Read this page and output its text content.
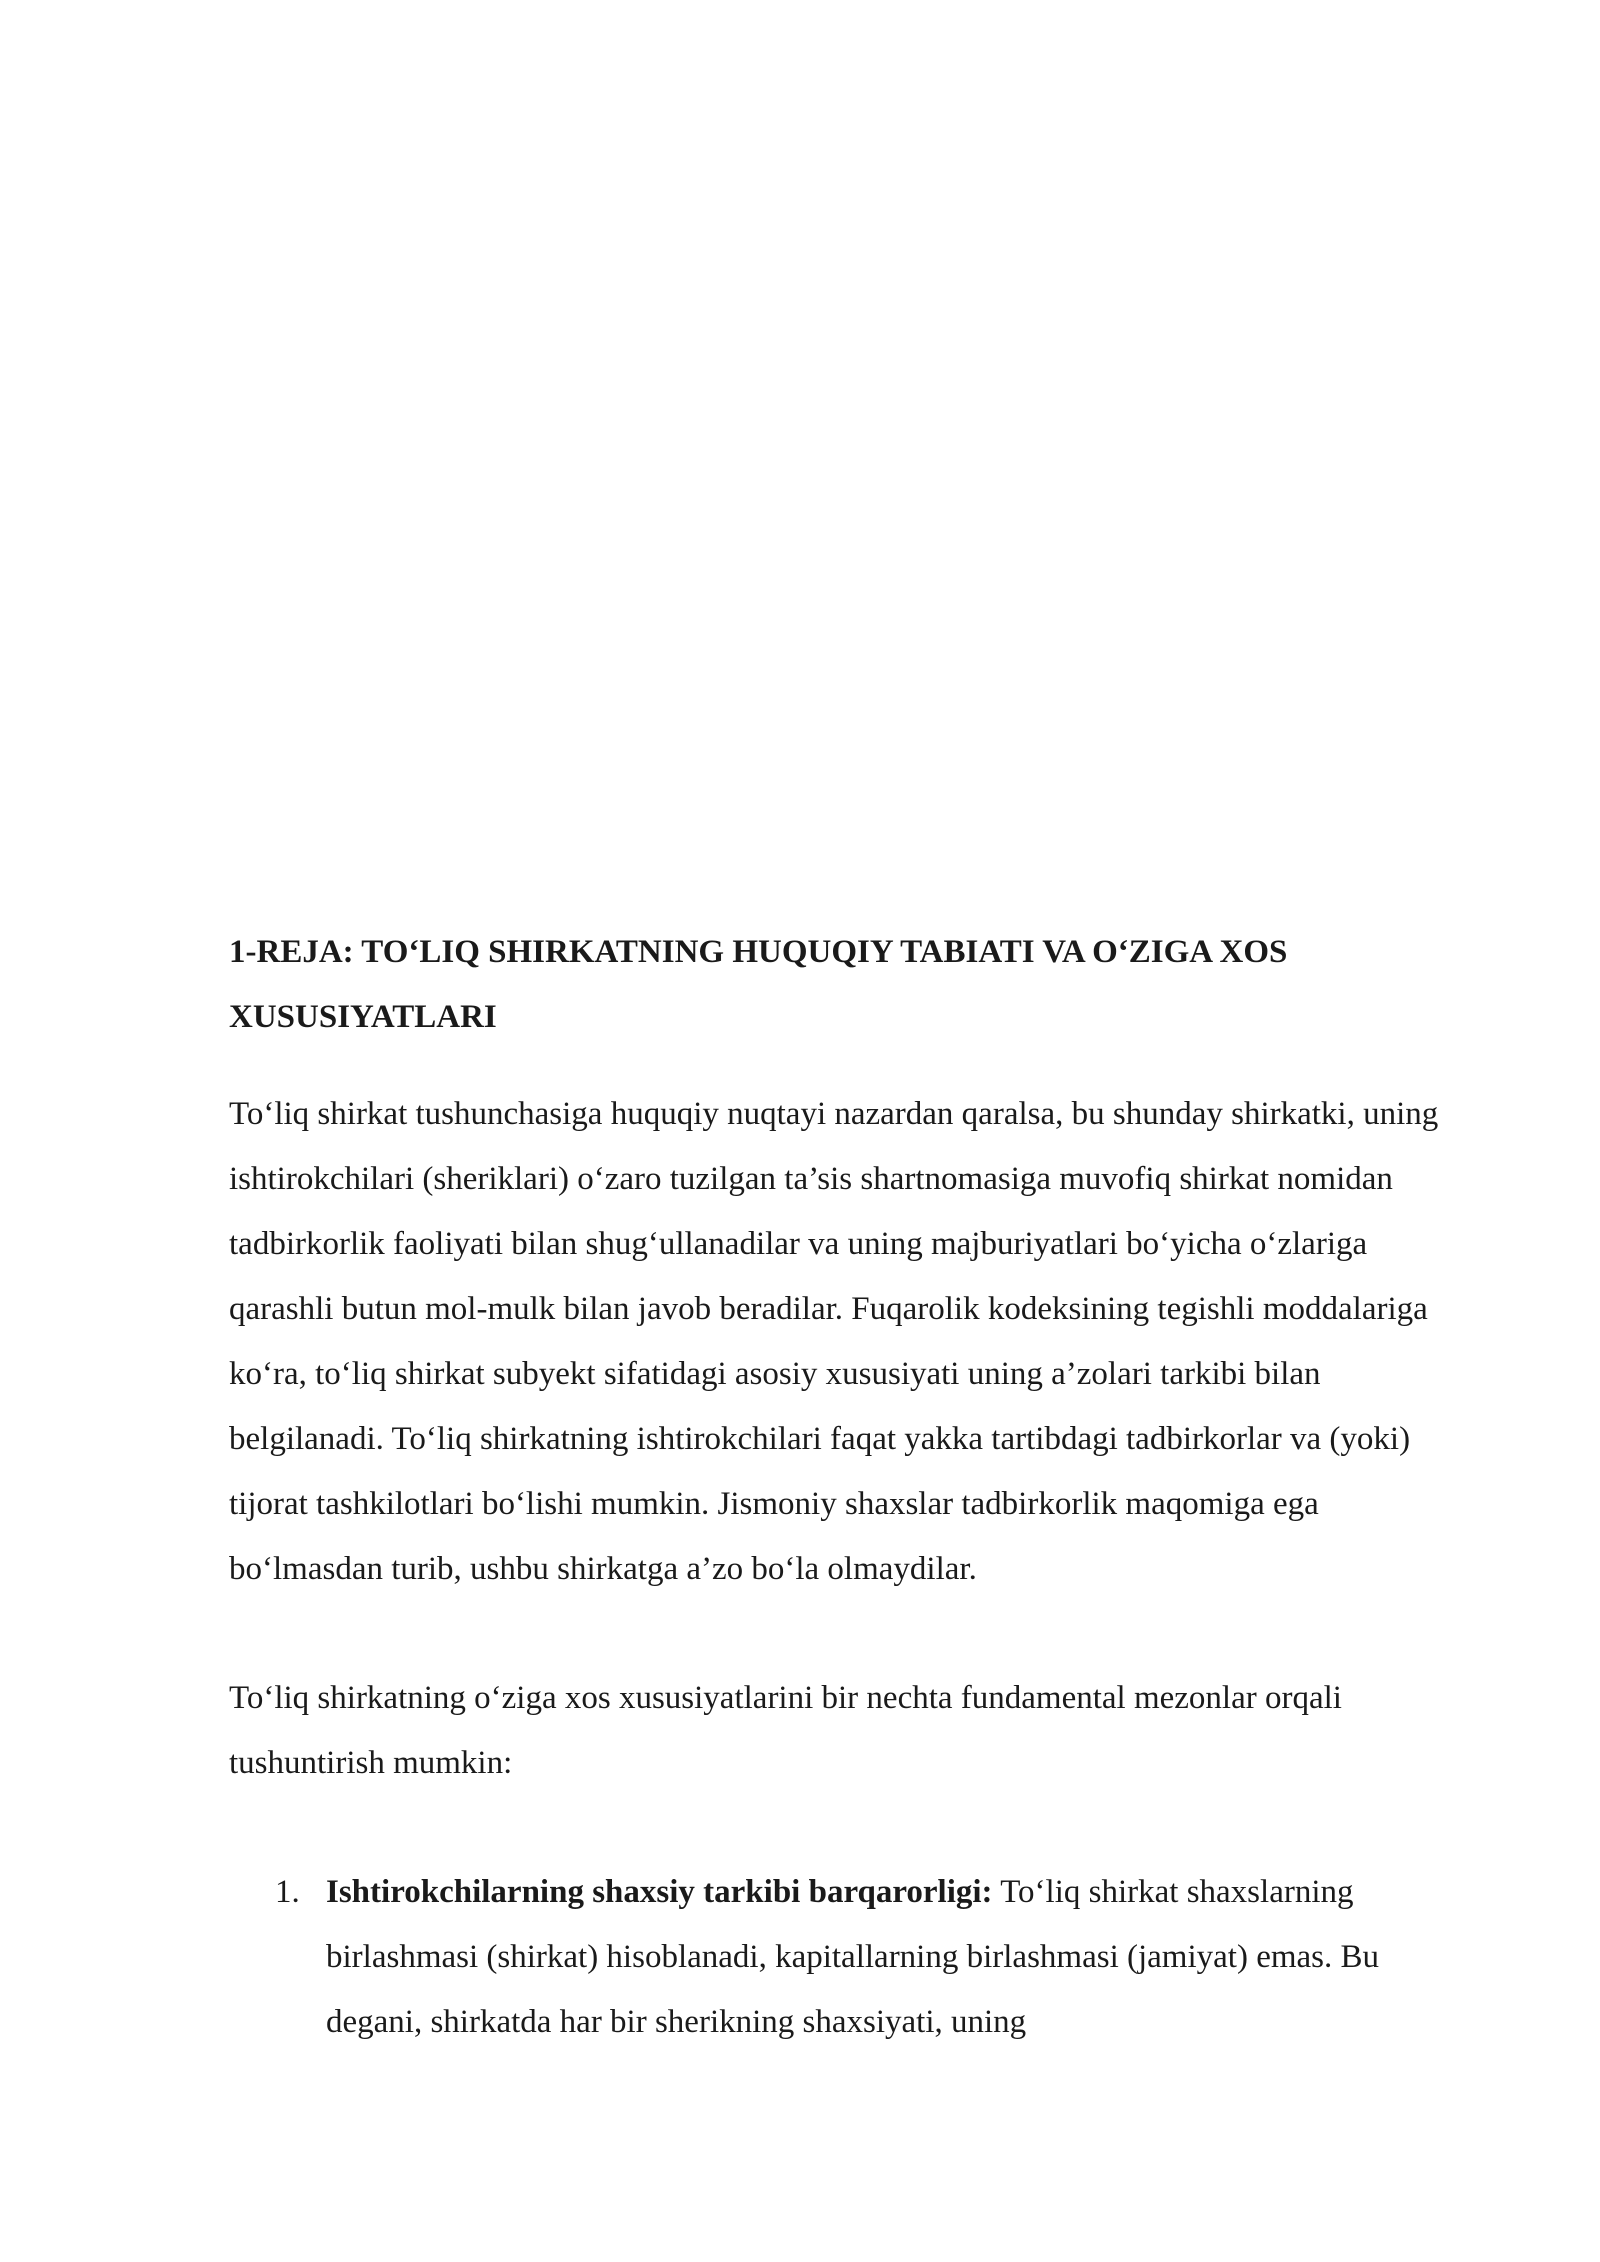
1-REJA: TO‘LIQ SHIRKATNING HUQUQIY TABIATI VA O‘ZIGA XOS XUSUSIYATLARI

To‘liq shirkat tushunchasiga huquqiy nuqtayi nazardan qaralsa, bu shunday shirkatki, uning ishtirokchilari (sheriklari) o‘zaro tuzilgan ta’sis shartnomasiga muvofiq shirkat nomidan tadbirkorlik faoliyati bilan shug‘ullanadilar va uning majburiyatlari bo‘yicha o‘zlariga qarashli butun mol-mulk bilan javob beradilar. Fuqarolik kodeksining tegishli moddalariga ko‘ra, to‘liq shirkat subyekt sifatidagi asosiy xususiyati uning a’zolari tarkibi bilan belgilanadi. To‘liq shirkatning ishtirokchilari faqat yakka tartibdagi tadbirkorlar va (yoki) tijorat tashkilotlari bo‘lishi mumkin. Jismoniy shaxslar tadbirkorlik maqomiga ega bo‘lmasdan turib, ushbu shirkatga a’zo bo‘la olmaydilar.

To‘liq shirkatning o‘ziga xos xususiyatlarini bir nechta fundamental mezonlar orqali tushuntirish mumkin:

1. Ishtirokchilarning shaxsiy tarkibi barqarorligi: To‘liq shirkat shaxslarning birlashmasi (shirkat) hisoblanadi, kapitallarning birlashmasi (jamiyat) emas. Bu degani, shirkatda har bir sherikning shaxsiyati, uning
